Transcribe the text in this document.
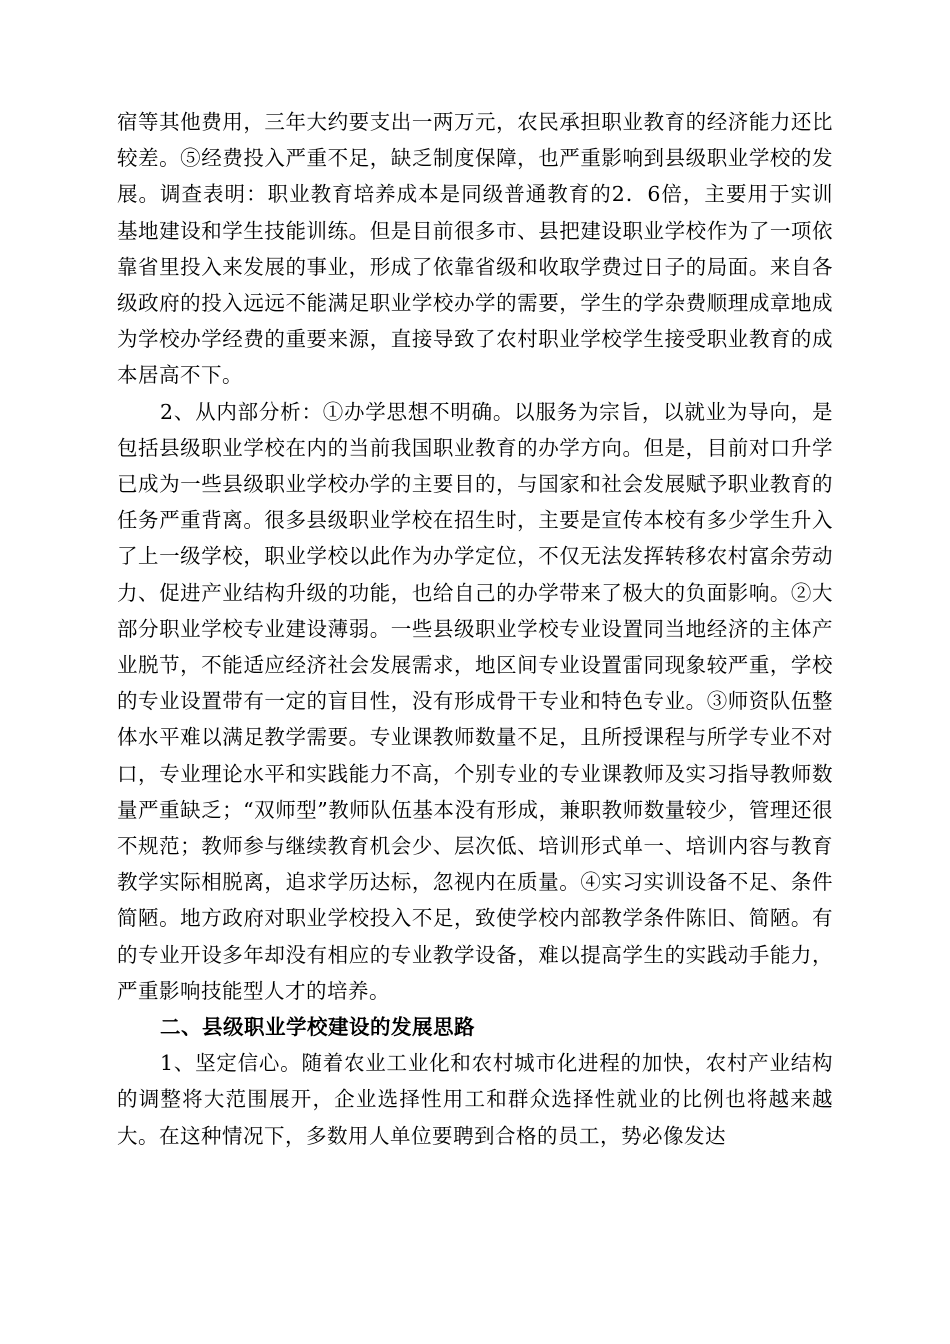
宿等其他费用，三年大约要支出一两万元，农民承担职业教育的经济能力还比较差。⑤经费投入严重不足，缺乏制度保障，也严重影响到县级职业学校的发展。调查表明：职业教育培养成本是同级普通教育的2．6倍，主要用于实训基地建设和学生技能训练。但是目前很多市、县把建设职业学校作为了一项依靠省里投入来发展的事业，形成了依靠省级和收取学费过日子的局面。来自各级政府的投入远远不能满足职业学校办学的需要，学生的学杂费顺理成章地成为学校办学经费的重要来源，直接导致了农村职业学校学生接受职业教育的成本居高不下。

2、从内部分析：①办学思想不明确。以服务为宗旨，以就业为导向，是包括县级职业学校在内的当前我国职业教育的办学方向。但是，目前对口升学已成为一些县级职业学校办学的主要目的，与国家和社会发展赋予职业教育的任务严重背离。很多县级职业学校在招生时，主要是宣传本校有多少学生升入了上一级学校，职业学校以此作为办学定位，不仅无法发挥转移农村富余劳动力、促进产业结构升级的功能，也给自己的办学带来了极大的负面影响。②大部分职业学校专业建设薄弱。一些县级职业学校专业设置同当地经济的主体产业脱节，不能适应经济社会发展需求，地区间专业设置雷同现象较严重，学校的专业设置带有一定的盲目性，没有形成骨干专业和特色专业。③师资队伍整体水平难以满足教学需要。专业课教师数量不足，且所授课程与所学专业不对口，专业理论水平和实践能力不高，个别专业的专业课教师及实习指导教师数量严重缺乏；“双师型”教师队伍基本没有形成，兼职教师数量较少，管理还很不规范；教师参与继续教育机会少、层次低、培训形式单一、培训内容与教育教学实际相脱离，追求学历达标，忽视内在质量。④实习实训设备不足、条件简陋。地方政府对职业学校投入不足，致使学校内部教学条件陈旧、简陋。有的专业开设多年却没有相应的专业教学设备，难以提高学生的实践动手能力，严重影响技能型人才的培养。

二、县级职业学校建设的发展思路

1、坚定信心。随着农业工业化和农村城市化进程的加快，农村产业结构的调整将大范围展开，企业选择性用工和群众选择性就业的比例也将越来越大。在这种情况下，多数用人单位要聘到合格的员工，势必像发达
